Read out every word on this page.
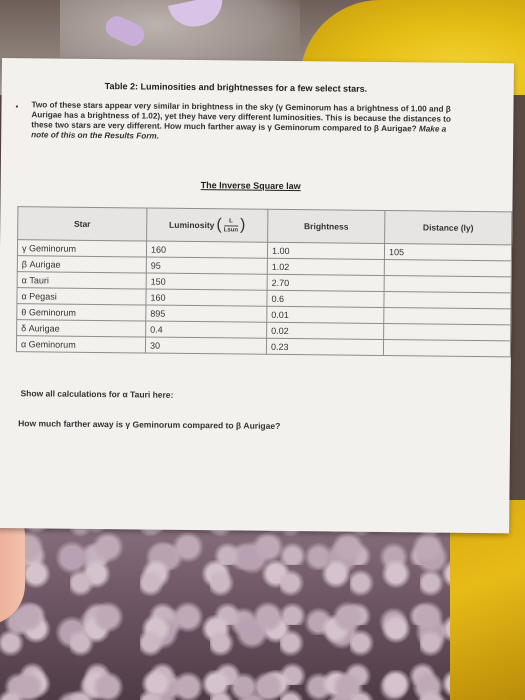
Table 2: Luminosities and brightnesses for a few select stars.
• Two of these stars appear very similar in brightness in the sky (γ Geminorum has a brightness of 1.00 and β Aurigae has a brightness of 1.02), yet they have very different luminosities. This is because the distances to these two stars are very different. How much farther away is γ Geminorum compared to β Aurigae? Make a note of this on the Results Form.
The Inverse Square law
Star	Luminosity ( $\frac{L}{\text{Lsun}}$ )	Brightness	Distance (ly)
γ Geminorum	160	1.00	105
β Aurigae	95	1.02	
α Tauri	150	2.70	
α Pegasi	160	0.6	
θ Geminorum	895	0.01	
δ Aurigae	0.4	0.02	
α Geminorum	30	0.23	
Show all calculations for α Tauri here:
How much farther away is γ Geminorum compared to β Aurigae?
